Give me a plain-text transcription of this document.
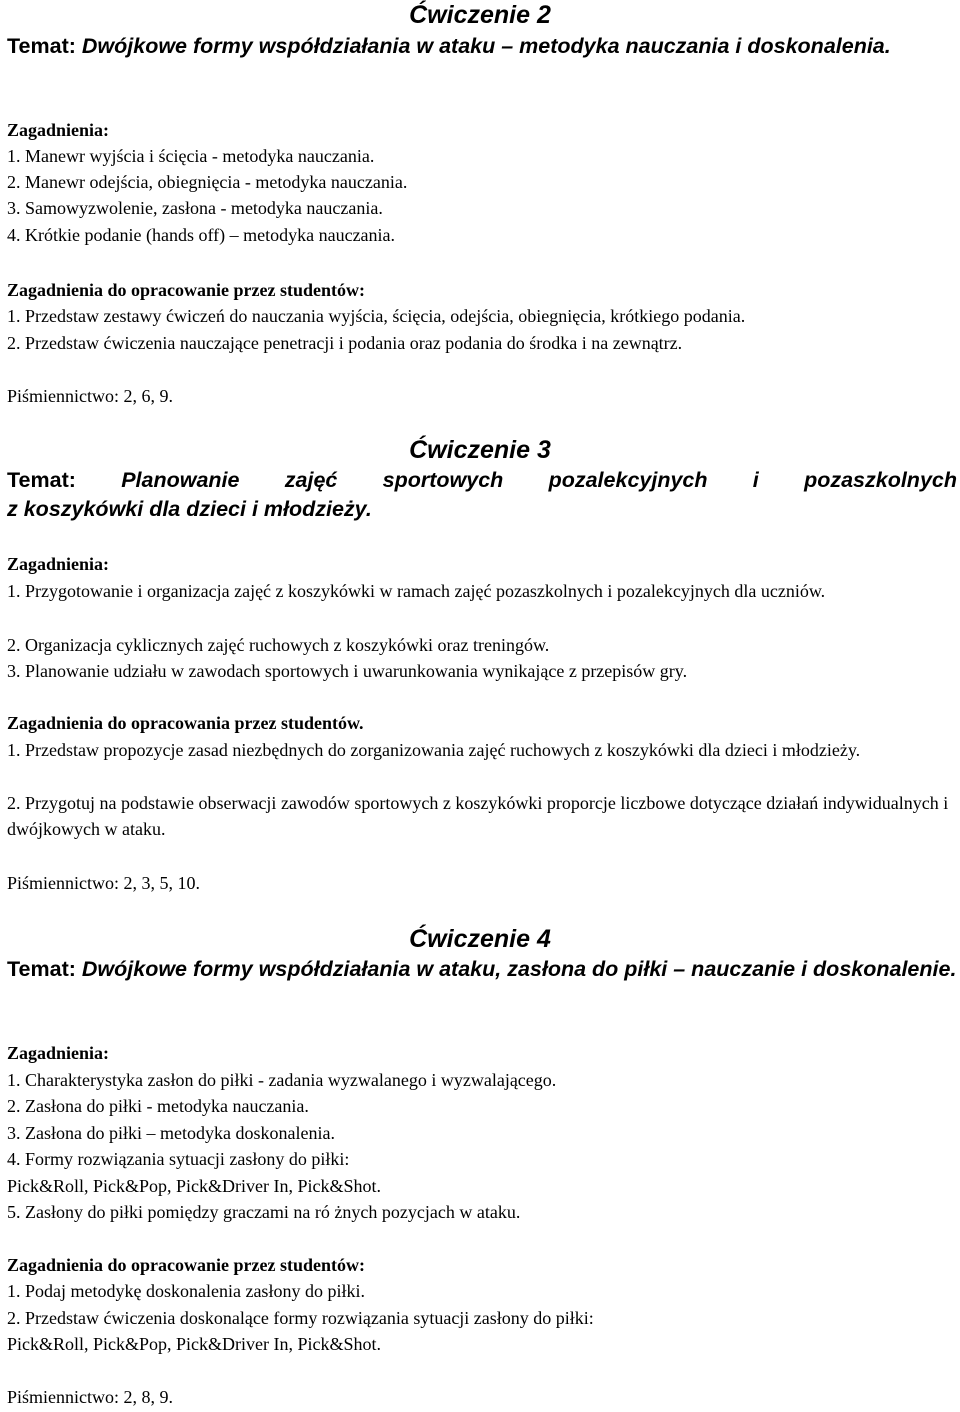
Ćwiczenie 2
Temat: Dwójkowe formy współdziałania w ataku – metodyka nauczania i doskonalenia.
Zagadnienia:
1. Manewr wyjścia i ścięcia - metodyka nauczania.
2. Manewr odejścia, obiegnięcia - metodyka nauczania.
3. Samowyzwolenie, zasłona - metodyka nauczania.
4. Krótkie podanie (hands off) – metodyka nauczania.
Zagadnienia do opracowanie przez studentów:
1. Przedstaw zestawy ćwiczeń do nauczania wyjścia, ścięcia, odejścia, obiegnięcia, krótkiego podania.
2. Przedstaw ćwiczenia nauczające penetracji i podania oraz podania do środka i na zewnątrz.
Piśmiennictwo: 2, 6, 9.
Ćwiczenie 3
Temat: Planowanie zajęć sportowych pozalekcyjnych i pozaszkolnych
z koszykówki dla dzieci i młodzieży.
Zagadnienia:
1. Przygotowanie i organizacja zajęć z koszykówki w ramach zajęć pozaszkolnych i pozalekcyjnych dla uczniów.
2. Organizacja cyklicznych zajęć ruchowych z koszykówki oraz treningów.
3. Planowanie udziału w zawodach sportowych i uwarunkowania wynikające z przepisów gry.
Zagadnienia do opracowania przez studentów.
1. Przedstaw propozycje zasad niezbędnych do zorganizowania zajęć ruchowych z koszykówki dla dzieci i młodzieży.
2. Przygotuj na podstawie obserwacji zawodów sportowych z koszykówki proporcje liczbowe dotyczące działań indywidualnych i dwójkowych w ataku.
Piśmiennictwo: 2, 3, 5, 10.
Ćwiczenie 4
Temat: Dwójkowe formy współdziałania w ataku, zasłona do piłki – nauczanie i doskonalenie.
Zagadnienia:
1. Charakterystyka zasłon do piłki - zadania wyzwalanego i wyzwalającego.
2. Zasłona do piłki - metodyka nauczania.
3. Zasłona do piłki – metodyka doskonalenia.
4. Formy rozwiązania sytuacji zasłony do piłki:
Pick&Roll, Pick&Pop, Pick&Driver In, Pick&Shot.
5. Zasłony do piłki pomiędzy graczami na ró żnych pozycjach w ataku.
Zagadnienia do opracowanie przez studentów:
1. Podaj metodykę doskonalenia zasłony do piłki.
2. Przedstaw ćwiczenia doskonalące formy rozwiązania sytuacji zasłony do piłki:
Pick&Roll, Pick&Pop, Pick&Driver In, Pick&Shot.
Piśmiennictwo: 2, 8, 9.
